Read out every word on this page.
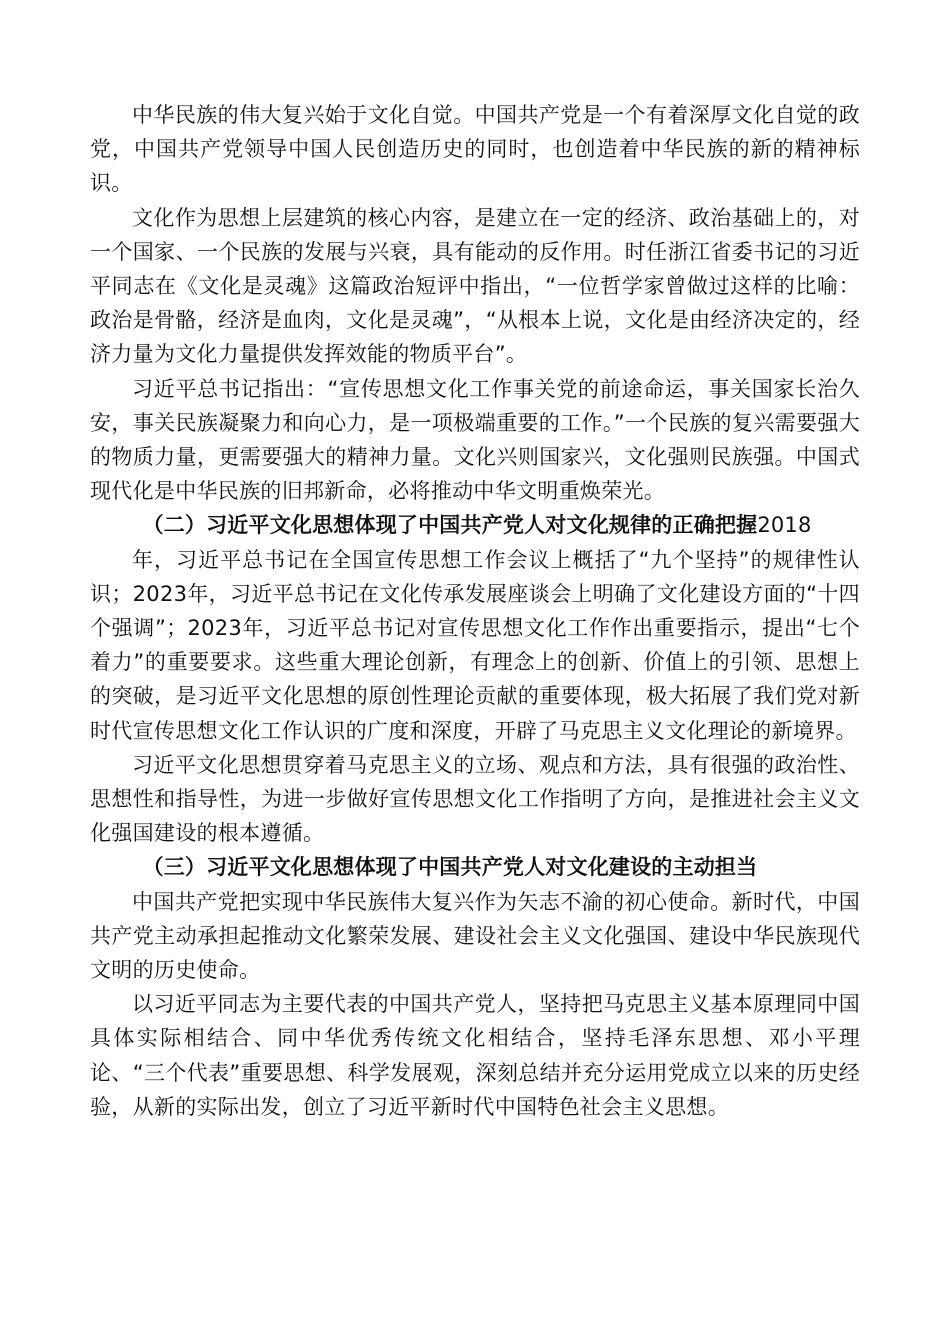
中华民族的伟大复兴始于文化自觉。中国共产党是一个有着深厚文化自觉的政党，中国共产党领导中国人民创造历史的同时，也创造着中华民族的新的精神标识。

文化作为思想上层建筑的核心内容，是建立在一定的经济、政治基础上的，对一个国家、一个民族的发展与兴衰，具有能动的反作用。时任浙江省委书记的习近平同志在《文化是灵魂》这篇政治短评中指出，“一位哲学家曾做过这样的比喻：政治是骨骼，经济是血肉，文化是灵魂”，“从根本上说，文化是由经济决定的，经济力量为文化力量提供发挥效能的物质平台”。

习近平总书记指出：“宣传思想文化工作事关党的前途命运，事关国家长治久安，事关民族凝聚力和向心力，是一项极端重要的工作。”一个民族的复兴需要强大的物质力量，更需要强大的精神力量。文化兴则国家兴，文化强则民族强。中国式现代化是中华民族的旧邦新命，必将推动中华文明重焕荣光。

（二）习近平文化思想体现了中国共产党人对文化规律的正确把握2018

年，习近平总书记在全国宣传思想工作会议上概括了“九个坚持”的规律性认识；2023年，习近平总书记在文化传承发展座谈会上明确了文化建设方面的“十四个强调”；2023年，习近平总书记对宣传思想文化工作作出重要指示，提出“七个着力”的重要要求。这些重大理论创新，有理念上的创新、价值上的引领、思想上的突破，是习近平文化思想的原创性理论贡献的重要体现，极大拓展了我们党对新时代宣传思想文化工作认识的广度和深度，开辟了马克思主义文化理论的新境界。

习近平文化思想贯穿着马克思主义的立场、观点和方法，具有很强的政治性、思想性和指导性，为进一步做好宣传思想文化工作指明了方向，是推进社会主义文化强国建设的根本遵循。

（三）习近平文化思想体现了中国共产党人对文化建设的主动担当

中国共产党把实现中华民族伟大复兴作为矢志不渝的初心使命。新时代，中国共产党主动承担起推动文化繁荣发展、建设社会主义文化强国、建设中华民族现代文明的历史使命。

以习近平同志为主要代表的中国共产党人，坚持把马克思主义基本原理同中国具体实际相结合、同中华优秀传统文化相结合，坚持毛泽东思想、邓小平理论、“三个代表”重要思想、科学发展观，深刻总结并充分运用党成立以来的历史经验，从新的实际出发，创立了习近平新时代中国特色社会主义思想。
